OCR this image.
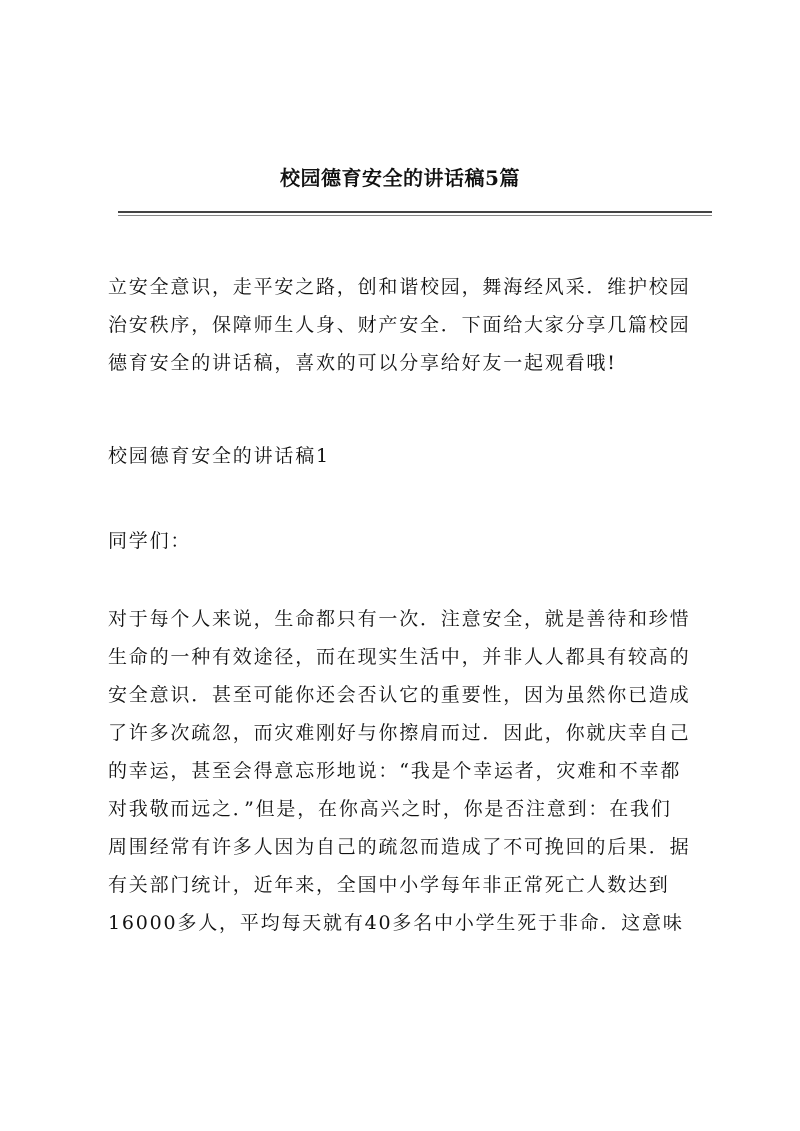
校园德育安全的讲话稿5篇
立安全意识，走平安之路，创和谐校园，舞海经风采．维护校园
治安秩序，保障师生人身、财产安全．下面给大家分享几篇校园
德育安全的讲话稿，喜欢的可以分享给好友一起观看哦!
校园德育安全的讲话稿1
同学们：
对于每个人来说，生命都只有一次．注意安全，就是善待和珍惜
生命的一种有效途径，而在现实生活中，并非人人都具有较高的
安全意识．甚至可能你还会否认它的重要性，因为虽然你已造成
了许多次疏忽，而灾难刚好与你擦肩而过．因此，你就庆幸自己
的幸运，甚至会得意忘形地说：“我是个幸运者，灾难和不幸都
对我敬而远之．”但是，在你高兴之时，你是否注意到：在我们
周围经常有许多人因为自己的疏忽而造成了不可挽回的后果．据
有关部门统计，近年来，全国中小学每年非正常死亡人数达到
16000多人，平均每天就有40多名中小学生死于非命．这意味
